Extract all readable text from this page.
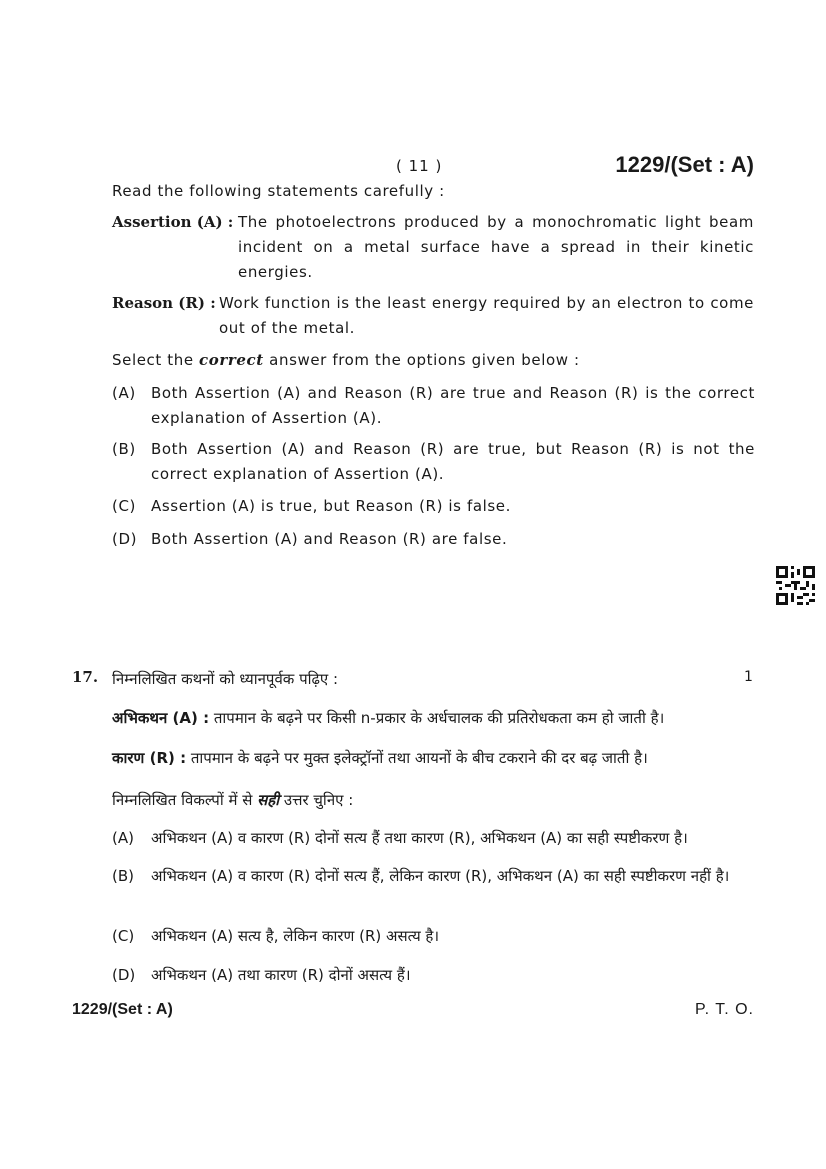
( 11 )	1229/(Set : A)
Read the following statements carefully :
Assertion (A) : The photoelectrons produced by a monochromatic light beam incident on a metal surface have a spread in their kinetic energies.
Reason (R) : Work function is the least energy required by an electron to come out of the metal.
Select the correct answer from the options given below :
(A)	Both Assertion (A) and Reason (R) are true and Reason (R) is the correct explanation of Assertion (A).
(B)	Both Assertion (A) and Reason (R) are true, but Reason (R) is not the correct explanation of Assertion (A).
(C)	Assertion (A) is true, but Reason (R) is false.
(D) Both Assertion (A) and Reason (R) are false.
17. निम्नलिखित कथनों को ध्यानपूर्वक पढ़िए :	1
अभिकथन (A) : तापमान के बढ़ने पर किसी n-प्रकार के अर्धचालक की प्रतिरोधकता कम हो जाती है।
कारण (R) : तापमान के बढ़ने पर मुक्त इलेक्ट्रॉनों तथा आयनों के बीच टकराने की दर बढ़ जाती है।
निम्नलिखित विकल्पों में से सही उत्तर चुनिए :
(A)	अभिकथन (A) व कारण (R) दोनों सत्य हैं तथा कारण (R), अभिकथन (A) का सही स्पष्टीकरण है।
(B)	अभिकथन (A) व कारण (R) दोनों सत्य हैं, लेकिन कारण (R), अभिकथन (A) का सही स्पष्टीकरण नहीं है।
(C)	अभिकथन (A) सत्य है, लेकिन कारण (R) असत्य है।
(D)	अभिकथन (A) तथा कारण (R) दोनों असत्य हैं।
1229/(Set : A)	P. T. O.
